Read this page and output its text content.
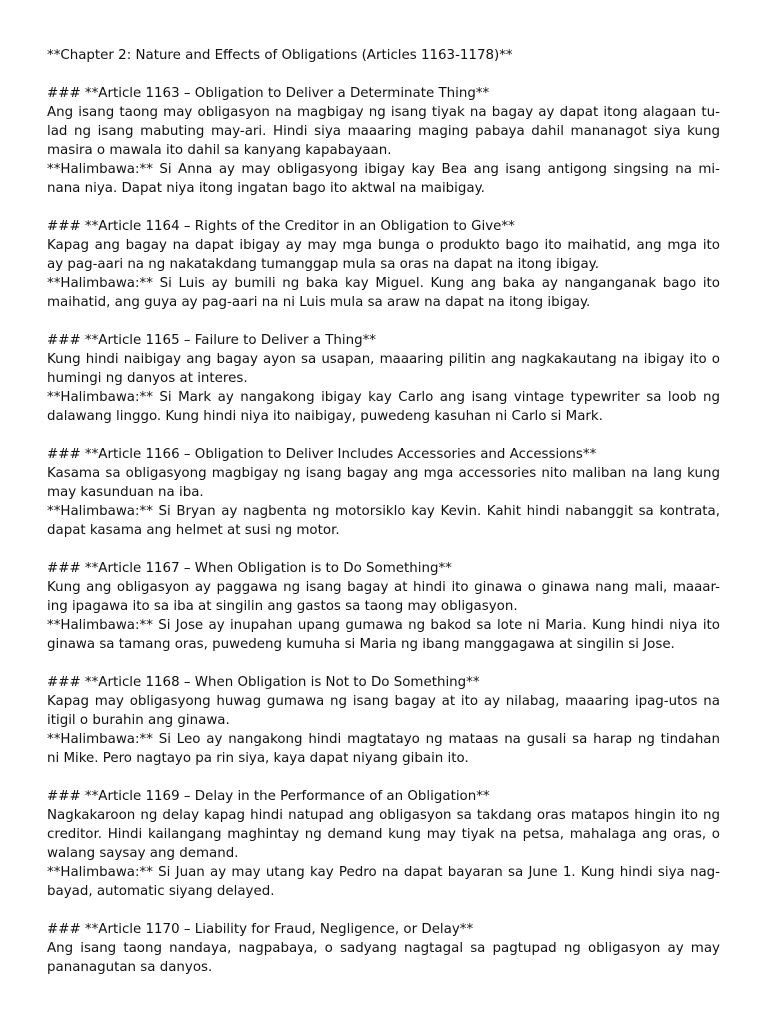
**Chapter 2: Nature and Effects of Obligations (Articles 1163-1178)**
### **Article 1163 – Obligation to Deliver a Determinate Thing**
Ang isang taong may obligasyon na magbigay ng isang tiyak na bagay ay dapat itong alagaan tu-
lad ng isang mabuting may-ari. Hindi siya maaaring maging pabaya dahil mananagot siya kung
masira o mawala ito dahil sa kanyang kapabayaan.
**Halimbawa:** Si Anna ay may obligasyong ibigay kay Bea ang isang antigong singsing na mi-
nana niya. Dapat niya itong ingatan bago ito aktwal na maibigay.
### **Article 1164 – Rights of the Creditor in an Obligation to Give**
Kapag ang bagay na dapat ibigay ay may mga bunga o produkto bago ito maihatid, ang mga ito
ay pag-aari na ng nakatakdang tumanggap mula sa oras na dapat na itong ibigay.
**Halimbawa:** Si Luis ay bumili ng baka kay Miguel. Kung ang baka ay nanganganak bago ito
maihatid, ang guya ay pag-aari na ni Luis mula sa araw na dapat na itong ibigay.
### **Article 1165 – Failure to Deliver a Thing**
Kung hindi naibigay ang bagay ayon sa usapan, maaaring pilitin ang nagkakautang na ibigay ito o
humingi ng danyos at interes.
**Halimbawa:** Si Mark ay nangakong ibigay kay Carlo ang isang vintage typewriter sa loob ng
dalawang linggo. Kung hindi niya ito naibigay, puwedeng kasuhan ni Carlo si Mark.
### **Article 1166 – Obligation to Deliver Includes Accessories and Accessions**
Kasama sa obligasyong magbigay ng isang bagay ang mga accessories nito maliban na lang kung
may kasunduan na iba.
**Halimbawa:** Si Bryan ay nagbenta ng motorsiklo kay Kevin. Kahit hindi nabanggit sa kontrata,
dapat kasama ang helmet at susi ng motor.
### **Article 1167 – When Obligation is to Do Something**
Kung ang obligasyon ay paggawa ng isang bagay at hindi ito ginawa o ginawa nang mali, maaar-
ing ipagawa ito sa iba at singilin ang gastos sa taong may obligasyon.
**Halimbawa:** Si Jose ay inupahan upang gumawa ng bakod sa lote ni Maria. Kung hindi niya ito
ginawa sa tamang oras, puwedeng kumuha si Maria ng ibang manggagawa at singilin si Jose.
### **Article 1168 – When Obligation is Not to Do Something**
Kapag may obligasyong huwag gumawa ng isang bagay at ito ay nilabag, maaaring ipag-utos na
itigil o burahin ang ginawa.
**Halimbawa:** Si Leo ay nangakong hindi magtatayo ng mataas na gusali sa harap ng tindahan
ni Mike. Pero nagtayo pa rin siya, kaya dapat niyang gibain ito.
### **Article 1169 – Delay in the Performance of an Obligation**
Nagkakaroon ng delay kapag hindi natupad ang obligasyon sa takdang oras matapos hingin ito ng
creditor. Hindi kailangang maghintay ng demand kung may tiyak na petsa, mahalaga ang oras, o
walang saysay ang demand.
**Halimbawa:** Si Juan ay may utang kay Pedro na dapat bayaran sa June 1. Kung hindi siya nag-
bayad, automatic siyang delayed.
### **Article 1170 – Liability for Fraud, Negligence, or Delay**
Ang isang taong nandaya, nagpabaya, o sadyang nagtagal sa pagtupad ng obligasyon ay may
pananagutan sa danyos.
